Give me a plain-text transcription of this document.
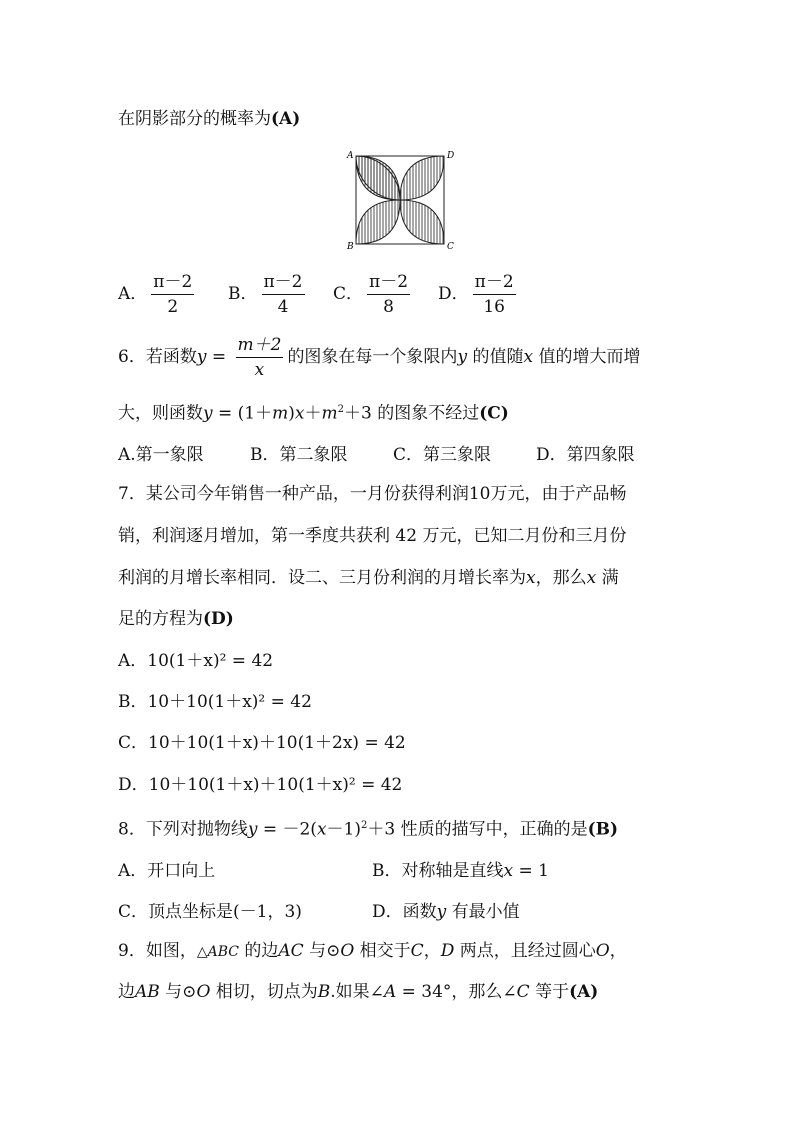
在阴影部分的概率为(A)
A	D
B	C
A． $\frac{\pi-2}{2}$ B． $\frac{\pi-2}{4}$ C． $\frac{\pi-2}{8}$ D． $\frac{\pi-2}{16}$
6．若函数$y = \frac{m+2}{x}$ 的图象在每一个象限内y 的值随x 值的增大而增
大，则函数$y = (1+m)x+m^2+3$ 的图象不经过(C)
A.第一象限	B．第二象限	C．第三象限	D．第四象限
7．某公司今年销售一种产品，一月份获得利润10万元，由于产品畅
销，利润逐月增加，第一季度共获利 42 万元，已知二月份和三月份
利润的月增长率相同．设二、三月份利润的月增长率为x，那么x 满
足的方程为(D)
A．10(1＋x)² = 42
B．10＋10(1＋x)² = 42
C．10＋10(1＋x)＋10(1＋2x) = 42
D．10＋10(1＋x)＋10(1＋x)² = 42
8．下列对抛物线$y = -2(x-1)^2+3$ 性质的描写中，正确的是(B)
A．开口向上	B．对称轴是直线x = 1
C．顶点坐标是(－1，3)	D．函数y 有最小值
9．如图，△ABC 的边AC 与⊙O 相交于C，D 两点，且经过圆心O，
边AB 与⊙O 相切，切点为B.如果∠A = 34°，那么∠C 等于(A)
